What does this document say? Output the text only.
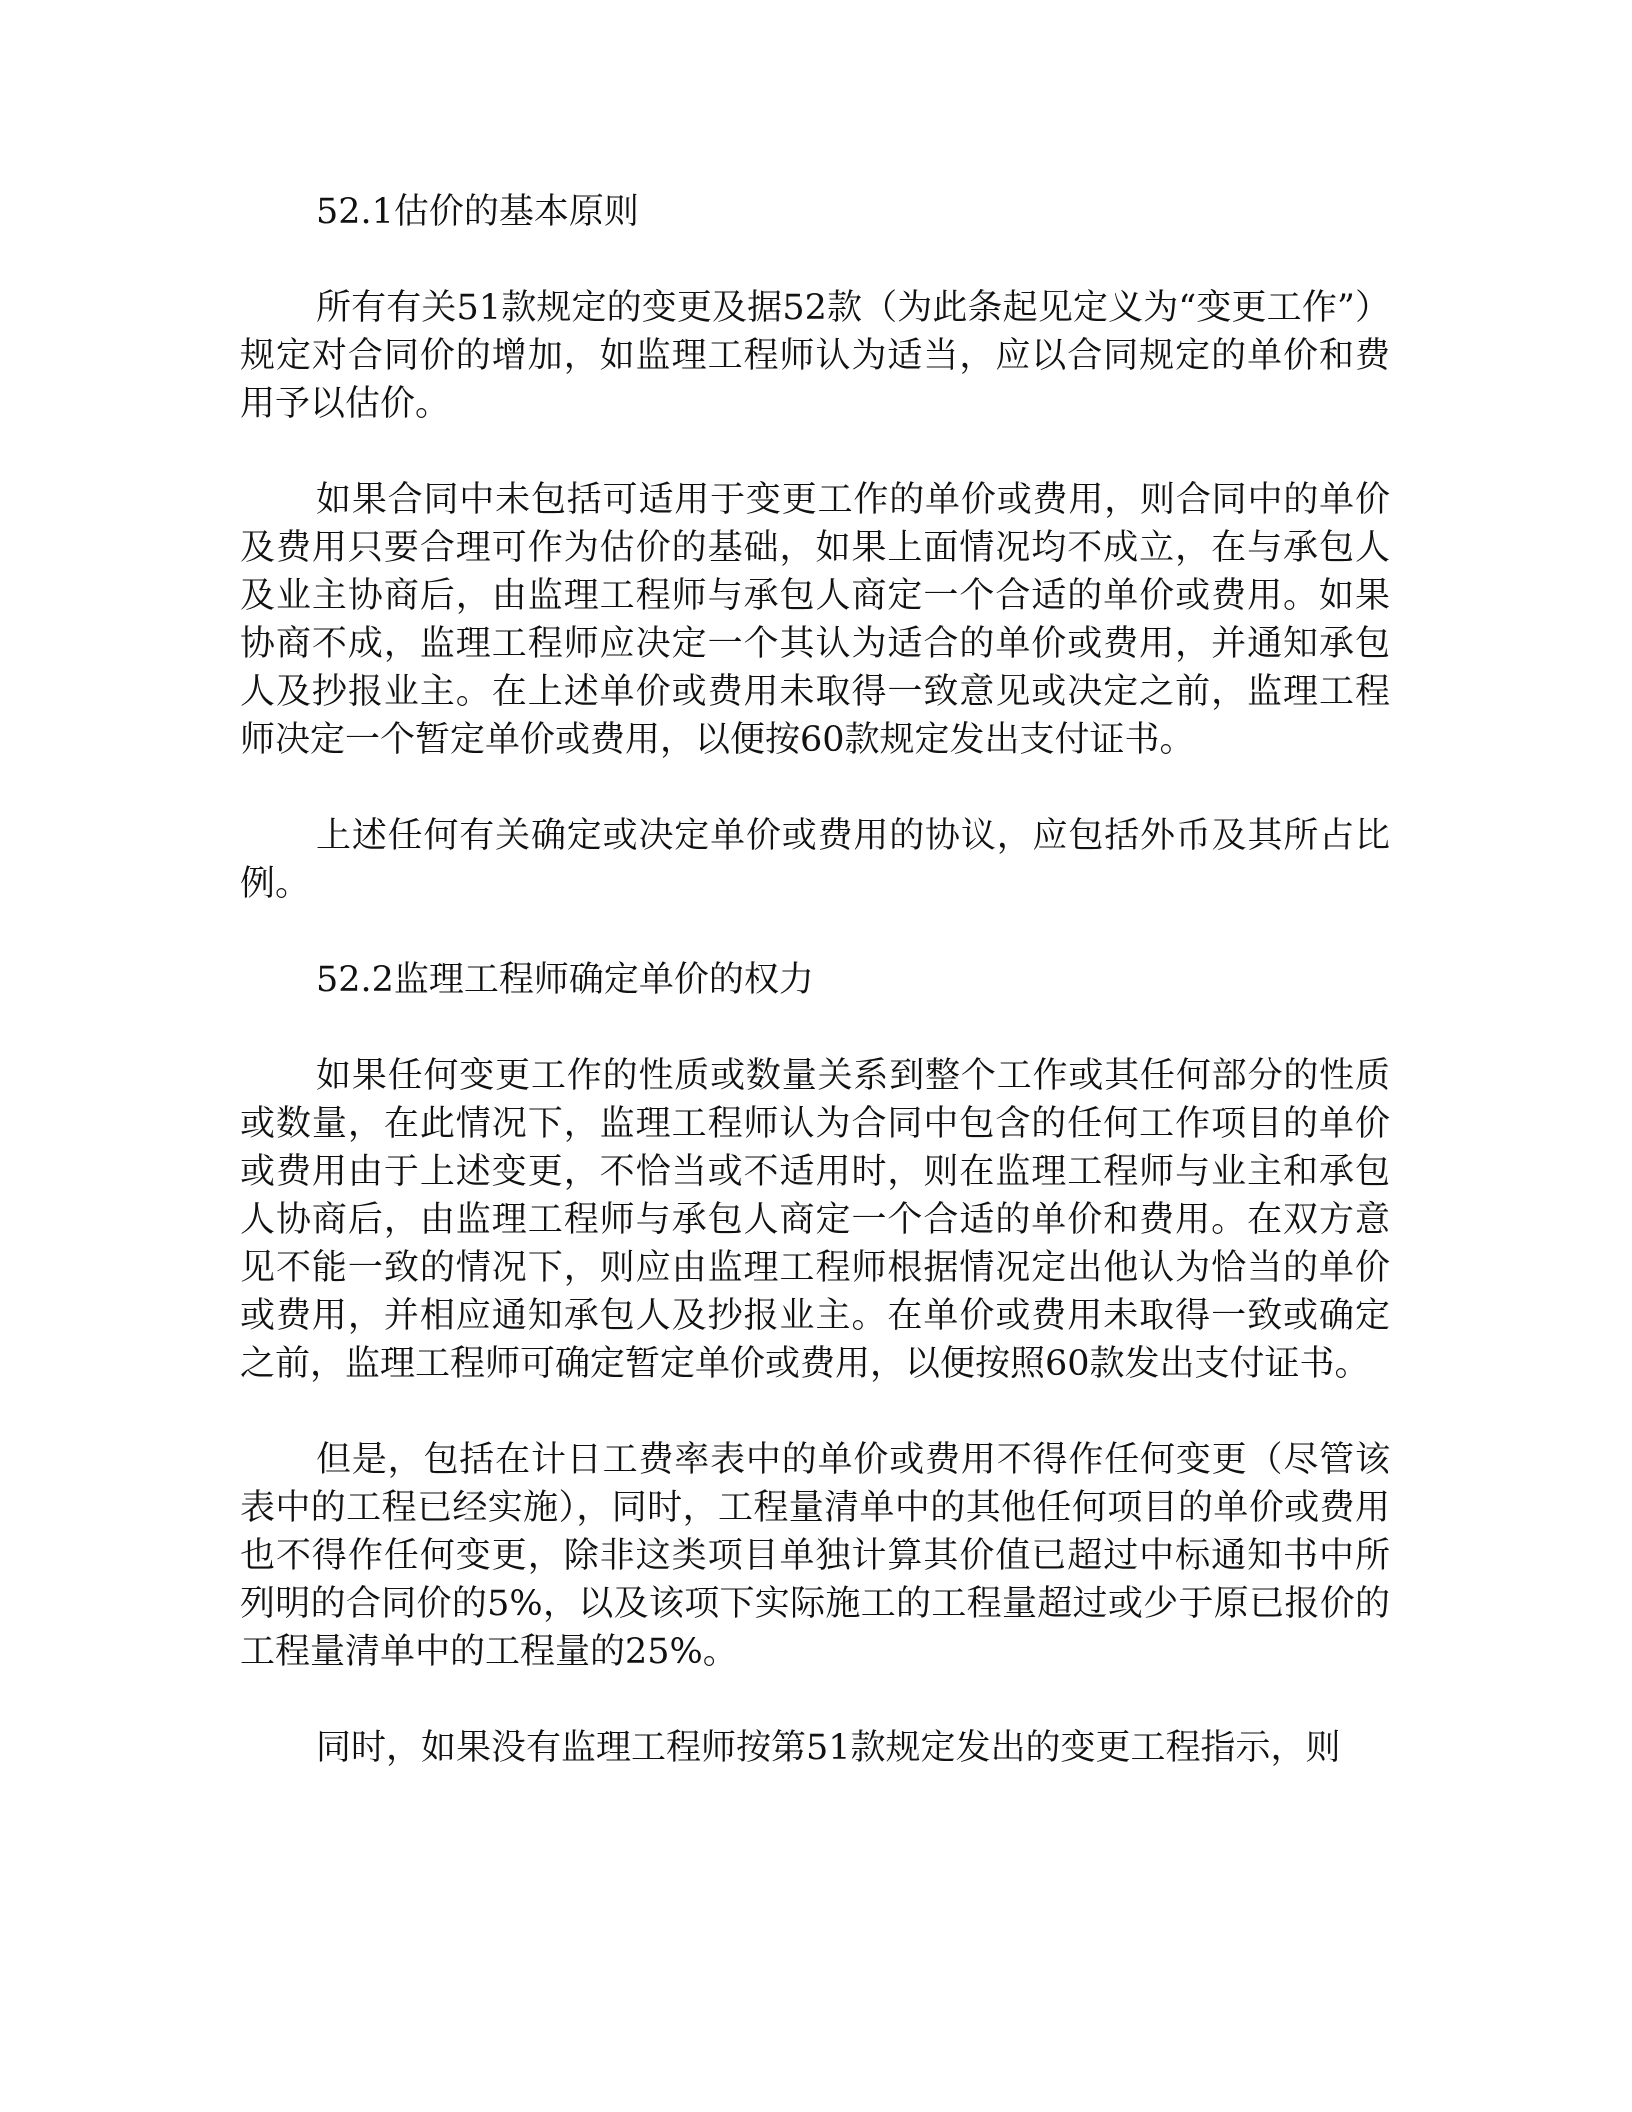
52.1估价的基本原则

所有有关51款规定的变更及据52款（为此条起见定义为“变更工作”）规定对合同价的增加，如监理工程师认为适当，应以合同规定的单价和费用予以估价。

如果合同中未包括可适用于变更工作的单价或费用，则合同中的单价及费用只要合理可作为估价的基础，如果上面情况均不成立，在与承包人及业主协商后，由监理工程师与承包人商定一个合适的单价或费用。如果协商不成，监理工程师应决定一个其认为适合的单价或费用，并通知承包人及抄报业主。在上述单价或费用未取得一致意见或决定之前，监理工程师决定一个暂定单价或费用，以便按60款规定发出支付证书。

上述任何有关确定或决定单价或费用的协议，应包括外币及其所占比例。

52.2监理工程师确定单价的权力

如果任何变更工作的性质或数量关系到整个工作或其任何部分的性质或数量，在此情况下，监理工程师认为合同中包含的任何工作项目的单价或费用由于上述变更，不恰当或不适用时，则在监理工程师与业主和承包人协商后，由监理工程师与承包人商定一个合适的单价和费用。在双方意见不能一致的情况下，则应由监理工程师根据情况定出他认为恰当的单价或费用，并相应通知承包人及抄报业主。在单价或费用未取得一致或确定之前，监理工程师可确定暂定单价或费用，以便按照60款发出支付证书。

但是，包括在计日工费率表中的单价或费用不得作任何变更（尽管该表中的工程已经实施），同时，工程量清单中的其他任何项目的单价或费用也不得作任何变更，除非这类项目单独计算其价值已超过中标通知书中所列明的合同价的5%，以及该项下实际施工的工程量超过或少于原已报价的工程量清单中的工程量的25%。

同时，如果没有监理工程师按第51款规定发出的变更工程指示，则
